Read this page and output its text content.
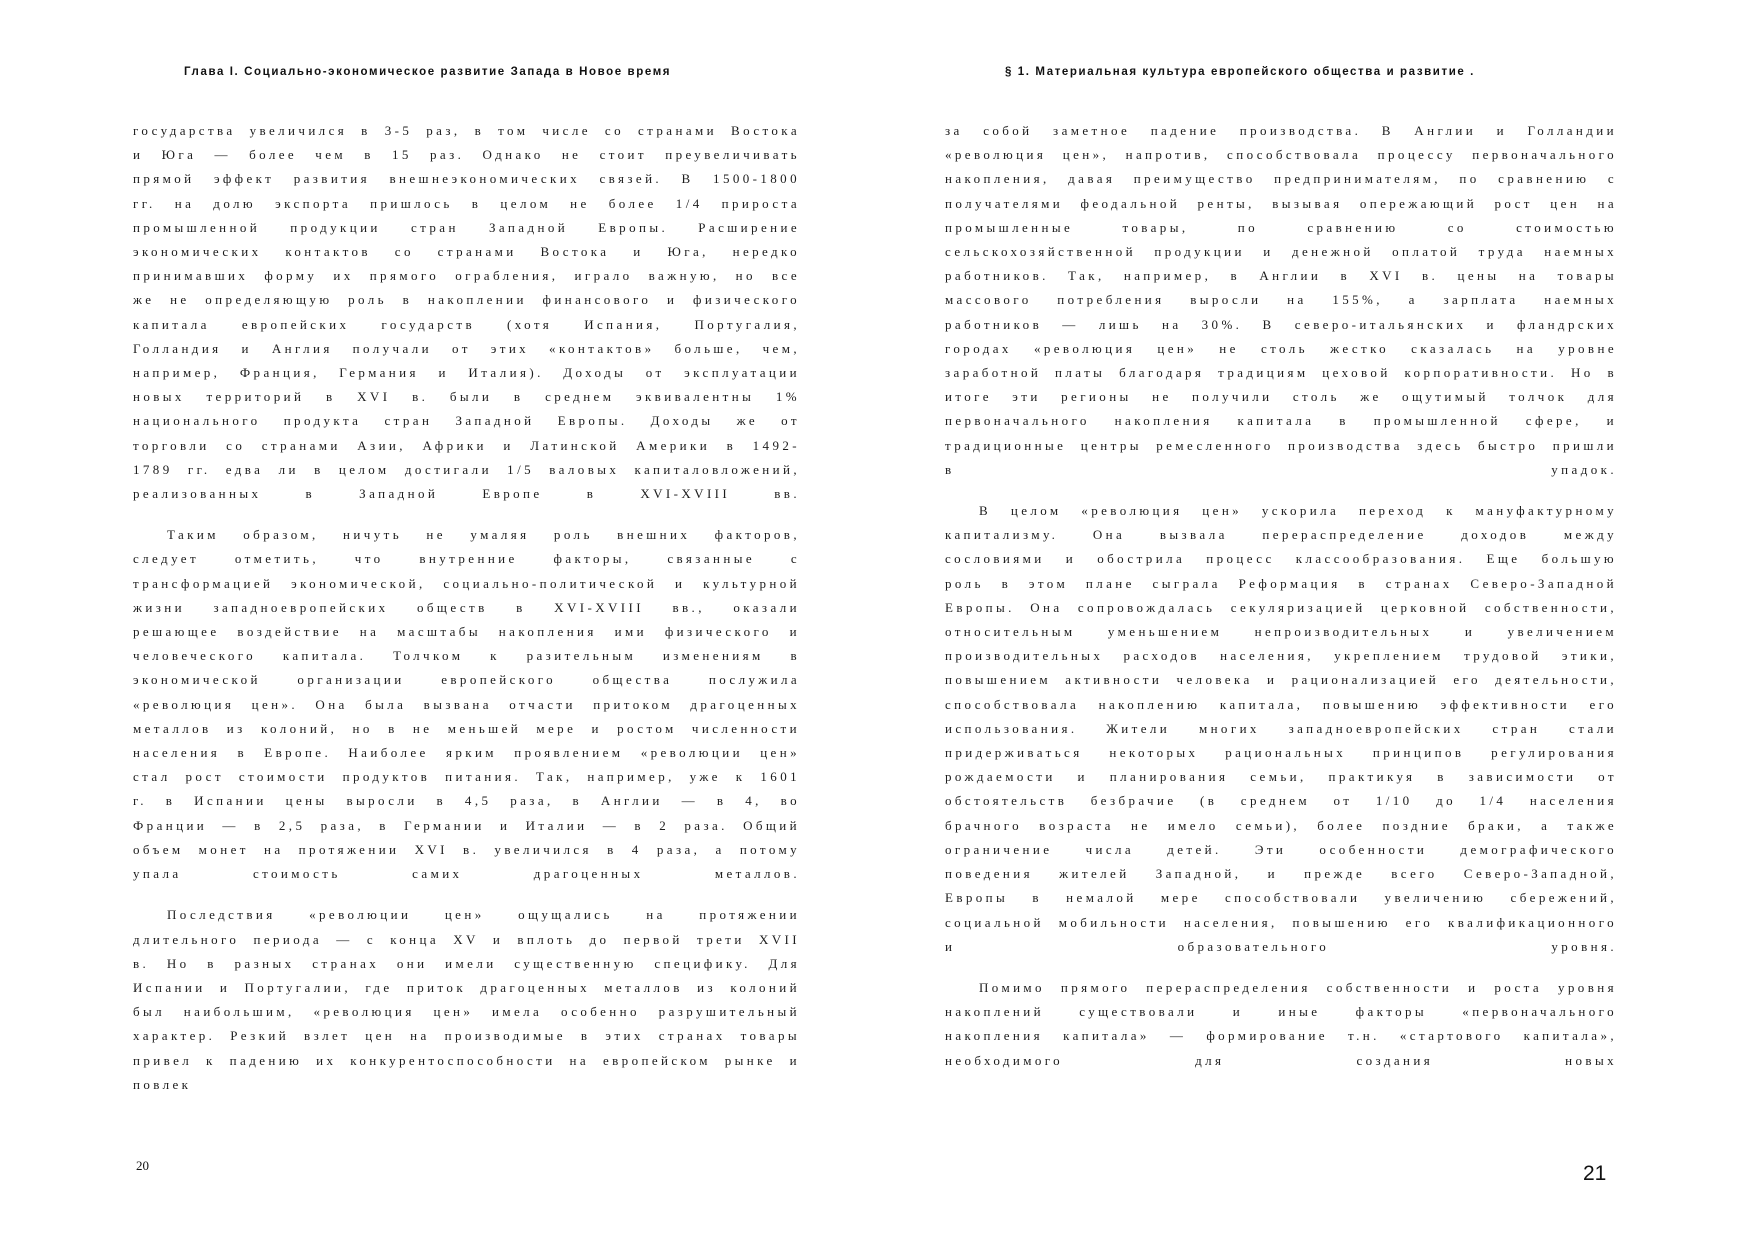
Глава I. Социально-экономическое развитие Запада в Новое время

государства увеличился в 3-5 раз, в том числе со странами Востока и Юга — более чем в 15 раз. Однако не стоит преувеличивать прямой эффект развития внешнеэкономических связей. В 1500-1800 гг. на долю экспорта пришлось в целом не более 1/4 прироста промышленной продукции стран Западной Европы. Расширение экономических контактов со странами Востока и Юга, нередко принимавших форму их прямого ограбления, играло важную, но все же не определяющую роль в накоплении финансового и физического капитала европейских государств (хотя Испания, Португалия, Голландия и Англия получали от этих «контактов» больше, чем, например, Франция, Германия и Италия). Доходы от эксплуатации новых территорий в XVI в. были в среднем эквивалентны 1% национального продукта стран Западной Европы. Доходы же от торговли со странами Азии, Африки и Латинской Америки в 1492-1789 гг. едва ли в целом достигали 1/5 валовых капиталовложений, реализованных в Западной Европе в XVI-XVIII вв.

Таким образом, ничуть не умаляя роль внешних факторов, следует отметить, что внутренние факторы, связанные с трансформацией экономической, социально-политической и культурной жизни западноевропейских обществ в XVI-XVIII вв., оказали решающее воздействие на масштабы накопления ими физического и человеческого капитала. Толчком к разительным изменениям в экономической организации европейского общества послужила «революция цен». Она была вызвана отчасти притоком драгоценных металлов из колоний, но в не меньшей мере и ростом численности населения в Европе. Наиболее ярким проявлением «революции цен» стал рост стоимости продуктов питания. Так, например, уже к 1601 г. в Испании цены выросли в 4,5 раза, в Англии — в 4, во Франции — в 2,5 раза, в Германии и Италии — в 2 раза. Общий объем монет на протяжении XVI в. увеличился в 4 раза, а потому упала стоимость самих драгоценных металлов.

Последствия «революции цен» ощущались на протяжении длительного периода — с конца XV и вплоть до первой трети XVII в. Но в разных странах они имели существенную специфику. Для Испании и Португалии, где приток драгоценных металлов из колоний был наибольшим, «революция цен» имела особенно разрушительный характер. Резкий взлет цен на производимые в этих странах товары привел к падению их конкурентоспособности на европейском рынке и повлек

20
§ 1. Материальная культура европейского общества и развитие .

за собой заметное падение производства. В Англии и Голландии «революция цен», напротив, способствовала процессу первоначального накопления, давая преимущество предпринимателям, по сравнению с получателями феодальной ренты, вызывая опережающий рост цен на промышленные товары, по сравнению со стоимостью сельскохозяйственной продукции и денежной оплатой труда наемных работников. Так, например, в Англии в XVI в. цены на товары массового потребления выросли на 155%, а зарплата наемных работников — лишь на 30%. В северо-итальянских и фландрских городах «революция цен» не столь жестко сказалась на уровне заработной платы благодаря традициям цеховой корпоративности. Но в итоге эти регионы не получили столь же ощутимый толчок для первоначального накопления капитала в промышленной сфере, и традиционные центры ремесленного производства здесь быстро пришли в упадок.

В целом «революция цен» ускорила переход к мануфактурному капитализму. Она вызвала перераспределение доходов между сословиями и обострила процесс классообразования. Еще большую роль в этом плане сыграла Реформация в странах Северо-Западной Европы. Она сопровождалась секуляризацией церковной собственности, относительным уменьшением непроизводительных и увеличением производительных расходов населения, укреплением трудовой этики, повышением активности человека и рационализацией его деятельности, способствовала накоплению капитала, повышению эффективности его использования. Жители многих западноевропейских стран стали придерживаться некоторых рациональных принципов регулирования рождаемости и планирования семьи, практикуя в зависимости от обстоятельств безбрачие (в среднем от 1/10 до 1/4 населения брачного возраста не имело семьи), более поздние браки, а также ограничение числа детей. Эти особенности демографического поведения жителей Западной, и прежде всего Северо-Западной, Европы в немалой мере способствовали увеличению сбережений, социальной мобильности населения, повышению его квалификационного и образовательного уровня.

Помимо прямого перераспределения собственности и роста уровня накоплений существовали и иные факторы «первоначального накопления капитала» — формирование т.н. «стартового капитала», необходимого для создания новых

21
